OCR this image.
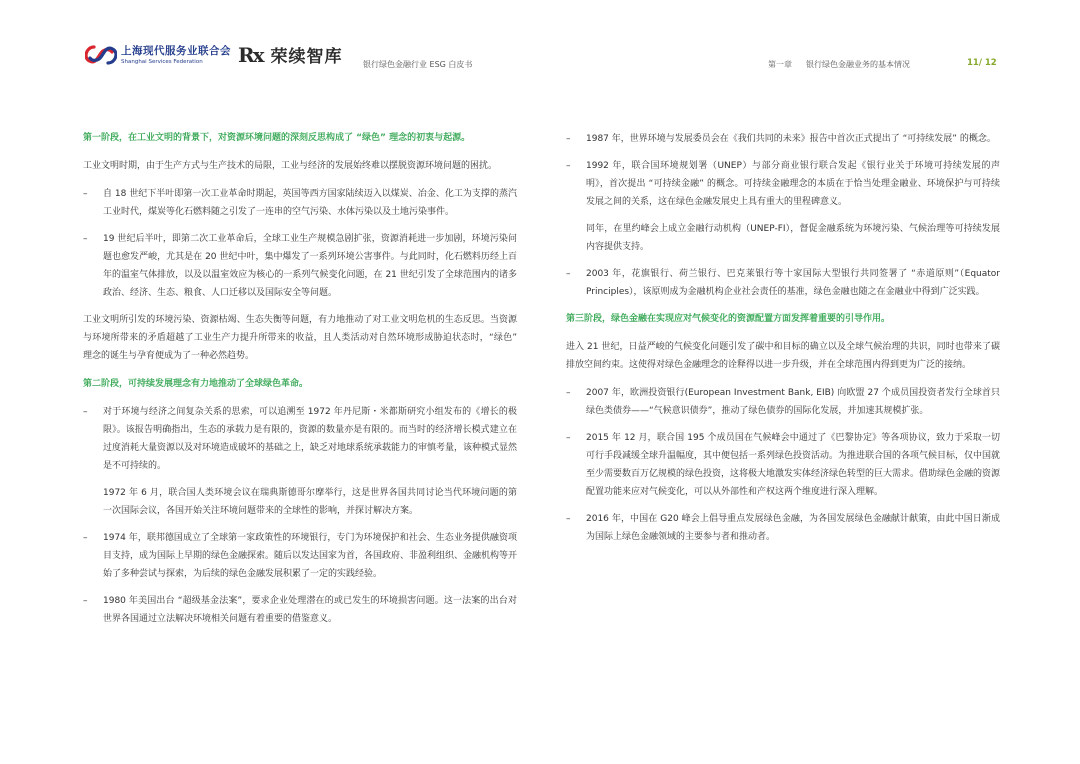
上海现代服务业联合会
Shanghai Services Federation	Rx 荣续智库	银行绿色金融行业 ESG 白皮书	第一章 银行绿色金融业务的基本情况	11/ 12
第一阶段，在工业文明的背景下，对资源环境问题的深刻反思构成了 “绿色” 理念的初衷与起源。
工业文明时期，由于生产方式与生产技术的局限，工业与经济的发展始终难以摆脱资源环境问题的困扰。
–	自 18 世纪下半叶即第一次工业革命时期起，英国等西方国家陆续迈入以煤炭、冶金、化工为支撑的蒸汽工业时代，煤炭等化石燃料随之引发了一连串的空气污染、水体污染以及土地污染事件。
–	19 世纪后半叶，即第二次工业革命后，全球工业生产规模急剧扩张，资源消耗进一步加剧，环境污染问题也愈发严峻，尤其是在 20 世纪中叶，集中爆发了一系列环境公害事件。与此同时，化石燃料历经上百年的温室气体排放，以及以温室效应为核心的一系列气候变化问题，在 21 世纪引发了全球范围内的诸多政治、经济、生态、粮食、人口迁移以及国际安全等问题。
工业文明所引发的环境污染、资源枯竭、生态失衡等问题，有力地推动了对工业文明危机的生态反思。当资源与环境所带来的矛盾超越了工业生产力提升所带来的收益，且人类活动对自然环境形成胁迫状态时，“绿色” 理念的诞生与孕育便成为了一种必然趋势。
第二阶段，可持续发展理念有力地推动了全球绿色革命。
–	对于环境与经济之间复杂关系的思索，可以追溯至 1972 年丹尼斯・米都斯研究小组发布的《增长的极限》。该报告明确指出，生态的承载力是有限的，资源的数量亦是有限的。而当时的经济增长模式建立在过度消耗大量资源以及对环境造成破坏的基础之上，缺乏对地球系统承载能力的审慎考量，该种模式显然是不可持续的。
1972 年 6 月，联合国人类环境会议在瑞典斯德哥尔摩举行，这是世界各国共同讨论当代环境问题的第一次国际会议，各国开始关注环境问题带来的全球性的影响，并探讨解决方案。
–	1974 年，联邦德国成立了全球第一家政策性的环境银行，专门为环境保护和社会、生态业务提供融资项目支持，成为国际上早期的绿色金融探索。随后以发达国家为首，各国政府、非盈利组织、金融机构等开始了多种尝试与探索，为后续的绿色金融发展积累了一定的实践经验。
–	1980 年美国出台 “超级基金法案”，要求企业处理潜在的或已发生的环境损害问题。这一法案的出台对世界各国通过立法解决环境相关问题有着重要的借鉴意义。
–	1987 年，世界环境与发展委员会在《我们共同的未来》报告中首次正式提出了 “可持续发展” 的概念。
–	1992 年，联合国环境规划署（UNEP）与部分商业银行联合发起《银行业关于环境可持续发展的声明》，首次提出 “可持续金融” 的概念。可持续金融理念的本质在于恰当处理金融业、环境保护与可持续发展之间的关系，这在绿色金融发展史上具有重大的里程碑意义。
同年，在里约峰会上成立金融行动机构（UNEP-FI），督促金融系统为环境污染、气候治理等可持续发展内容提供支持。
–	2003 年，花旗银行、荷兰银行、巴克莱银行等十家国际大型银行共同签署了 “赤道原则”（Equator Principles），该原则成为金融机构企业社会责任的基准，绿色金融也随之在金融业中得到广泛实践。
第三阶段，绿色金融在实现应对气候变化的资源配置方面发挥着重要的引导作用。
进入 21 世纪，日益严峻的气候变化问题引发了碳中和目标的确立以及全球气候治理的共识，同时也带来了碳排放空间约束。这使得对绿色金融理念的诠释得以进一步升级，并在全球范围内得到更为广泛的接纳。
–	2007 年，欧洲投资银行(European Investment Bank, EIB) 向欧盟 27 个成员国投资者发行全球首只绿色类债券——“气候意识债券”，推动了绿色债券的国际化发展，并加速其规模扩张。
–	2015 年 12 月，联合国 195 个成员国在气候峰会中通过了《巴黎协定》等各项协议，致力于采取一切可行手段减缓全球升温幅度，其中便包括一系列绿色投资活动。为推进联合国的各项气候目标，仅中国就至少需要数百万亿规模的绿色投资，这将极大地激发实体经济绿色转型的巨大需求。借助绿色金融的资源配置功能来应对气候变化，可以从外部性和产权这两个维度进行深入理解。
–	2016 年，中国在 G20 峰会上倡导重点发展绿色金融，为各国发展绿色金融献计献策，由此中国日渐成为国际上绿色金融领域的主要参与者和推动者。
